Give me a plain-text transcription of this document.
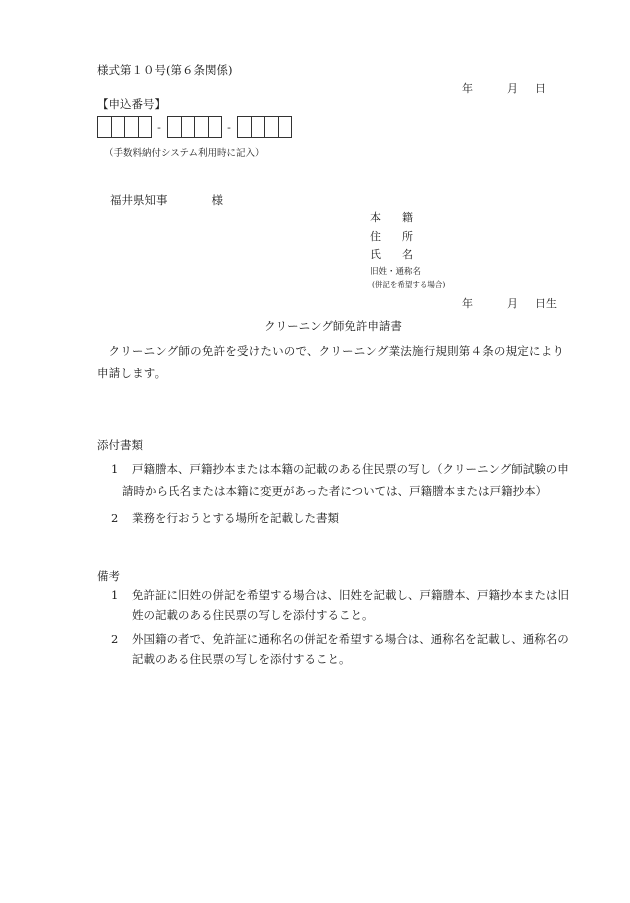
様式第１０号(第６条関係)
年	月 日
【申込番号】
-	-
（手数料納付システム利用時に記入）
福井県知事	様
本 籍
住 所
氏 名
旧姓・通称名
(併記を希望する場合)
年	月 日生
クリーニング師免許申請書
クリーニング師の免許を受けたいので、クリーニング業法施行規則第４条の規定により申請します。
添付書類
1	戸籍謄本、戸籍抄本または本籍の記載のある住民票の写し（クリーニング師試験の申請時から氏名または本籍に変更があった者については、戸籍謄本または戸籍抄本）
2	業務を行おうとする場所を記載した書類
備考
1	免許証に旧姓の併記を希望する場合は、旧姓を記載し、戸籍謄本、戸籍抄本または旧姓の記載のある住民票の写しを添付すること。
2	外国籍の者で、免許証に通称名の併記を希望する場合は、通称名を記載し、通称名の記載のある住民票の写しを添付すること。
